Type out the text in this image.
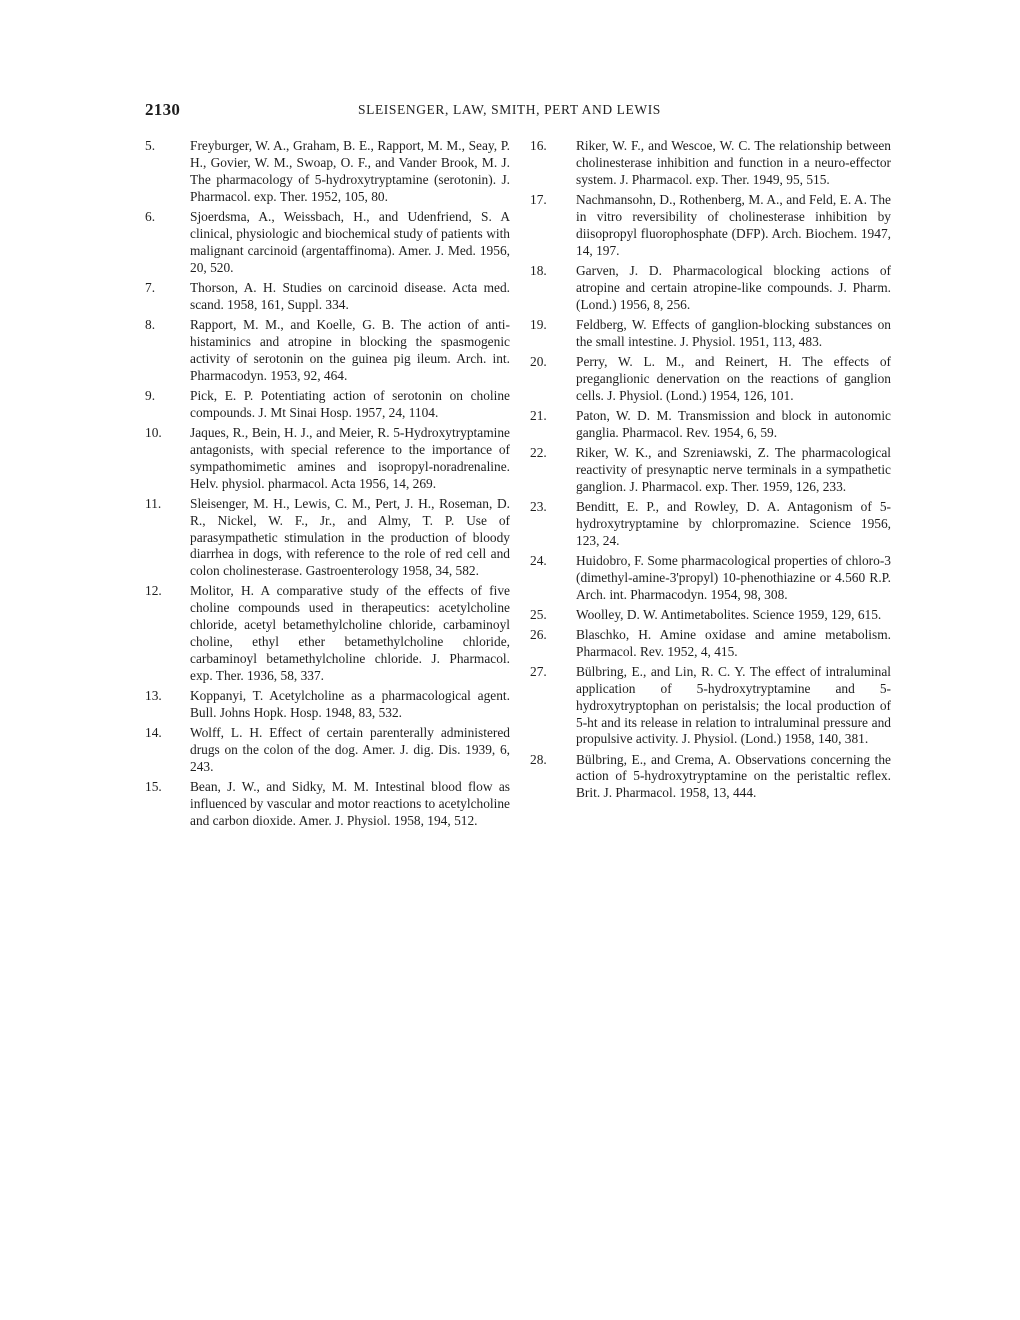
2130	SLEISENGER, LAW, SMITH, PERT AND LEWIS
5.	Freyburger, W. A., Graham, B. E., Rapport, M. M., Seay, P. H., Govier, W. M., Swoap, O. F., and Vander Brook, M. J. The pharmacology of 5-hydroxytryptamine (serotonin). J. Pharmacol. exp. Ther. 1952, 105, 80.
6.	Sjoerdsma, A., Weissbach, H., and Udenfriend, S. A clinical, physiologic and biochemical study of patients with malignant carcinoid (argentaffinoma). Amer. J. Med. 1956, 20, 520.
7.	Thorson, A. H. Studies on carcinoid disease. Acta med. scand. 1958, 161, Suppl. 334.
8.	Rapport, M. M., and Koelle, G. B. The action of antihistaminics and atropine in blocking the spasmogenic activity of serotonin on the guinea pig ileum. Arch. int. Pharmacodyn. 1953, 92, 464.
9.	Pick, E. P. Potentiating action of serotonin on choline compounds. J. Mt Sinai Hosp. 1957, 24, 1104.
10.	Jaques, R., Bein, H. J., and Meier, R. 5-Hydroxytryptamine antagonists, with special reference to the importance of sympathomimetic amines and isopropyl-noradrenaline. Helv. physiol. pharmacol. Acta 1956, 14, 269.
11.	Sleisenger, M. H., Lewis, C. M., Pert, J. H., Roseman, D. R., Nickel, W. F., Jr., and Almy, T. P. Use of parasympathetic stimulation in the production of bloody diarrhea in dogs, with reference to the role of red cell and colon cholinesterase. Gastroenterology 1958, 34, 582.
12.	Molitor, H. A comparative study of the effects of five choline compounds used in therapeutics: acetylcholine chloride, acetyl betamethylcholine chloride, carbaminoyl choline, ethyl ether betamethylcholine chloride, carbaminoyl betamethylcholine chloride. J. Pharmacol. exp. Ther. 1936, 58, 337.
13.	Koppanyi, T. Acetylcholine as a pharmacological agent. Bull. Johns Hopk. Hosp. 1948, 83, 532.
14.	Wolff, L. H. Effect of certain parenterally administered drugs on the colon of the dog. Amer. J. dig. Dis. 1939, 6, 243.
15.	Bean, J. W., and Sidky, M. M. Intestinal blood flow as influenced by vascular and motor reactions to acetylcholine and carbon dioxide. Amer. J. Physiol. 1958, 194, 512.
16.	Riker, W. F., and Wescoe, W. C. The relationship between cholinesterase inhibition and function in a neuro-effector system. J. Pharmacol. exp. Ther. 1949, 95, 515.
17.	Nachmansohn, D., Rothenberg, M. A., and Feld, E. A. The in vitro reversibility of cholinesterase inhibition by diisopropyl fluorophosphate (DFP). Arch. Biochem. 1947, 14, 197.
18.	Garven, J. D. Pharmacological blocking actions of atropine and certain atropine-like compounds. J. Pharm. (Lond.) 1956, 8, 256.
19.	Feldberg, W. Effects of ganglion-blocking substances on the small intestine. J. Physiol. 1951, 113, 483.
20.	Perry, W. L. M., and Reinert, H. The effects of preganglionic denervation on the reactions of ganglion cells. J. Physiol. (Lond.) 1954, 126, 101.
21.	Paton, W. D. M. Transmission and block in autonomic ganglia. Pharmacol. Rev. 1954, 6, 59.
22.	Riker, W. K., and Szreniawski, Z. The pharmacological reactivity of presynaptic nerve terminals in a sympathetic ganglion. J. Pharmacol. exp. Ther. 1959, 126, 233.
23.	Benditt, E. P., and Rowley, D. A. Antagonism of 5-hydroxytryptamine by chlorpromazine. Science 1956, 123, 24.
24.	Huidobro, F. Some pharmacological properties of chloro-3 (dimethyl-amine-3'propyl) 10-phenothiazine or 4.560 R.P. Arch. int. Pharmacodyn. 1954, 98, 308.
25.	Woolley, D. W. Antimetabolites. Science 1959, 129, 615.
26.	Blaschko, H. Amine oxidase and amine metabolism. Pharmacol. Rev. 1952, 4, 415.
27.	Bülbring, E., and Lin, R. C. Y. The effect of intraluminal application of 5-hydroxytryptamine and 5-hydroxytryptophan on peristalsis; the local production of 5-ht and its release in relation to intraluminal pressure and propulsive activity. J. Physiol. (Lond.) 1958, 140, 381.
28.	Bülbring, E., and Crema, A. Observations concerning the action of 5-hydroxytryptamine on the peristaltic reflex. Brit. J. Pharmacol. 1958, 13, 444.
